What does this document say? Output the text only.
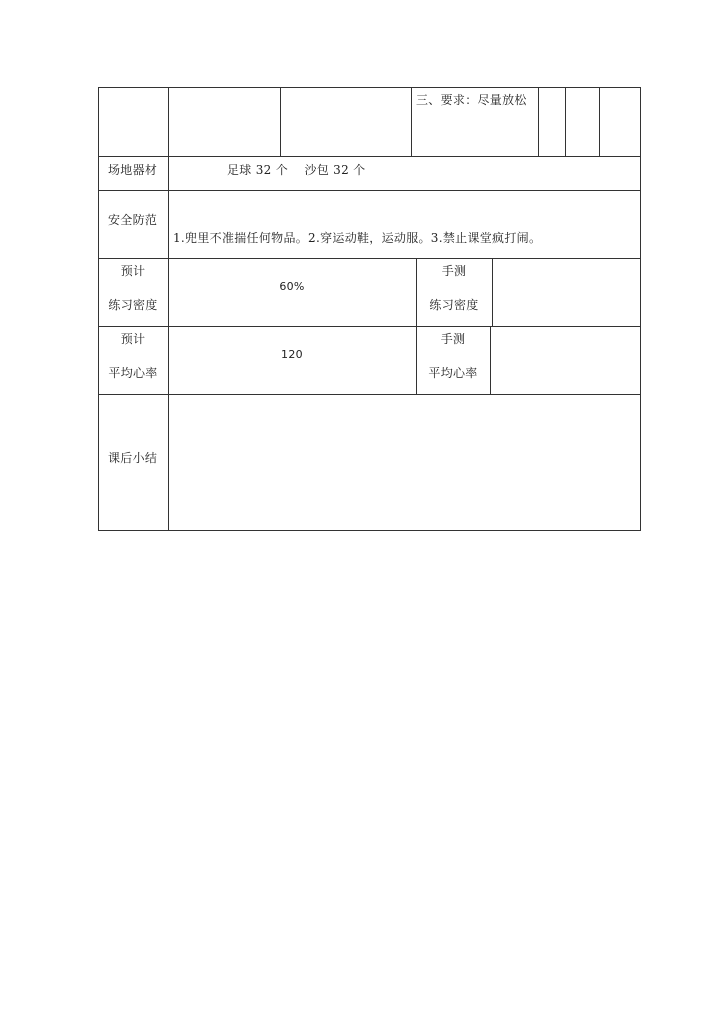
三、要求：尽量放松
场地器材	足球 32 个    沙包 32 个
安全防范
1.兜里不准揣任何物品。2.穿运动鞋，运动服。3.禁止课堂疯打闹。
预计
练习密度
60%
手测
练习密度
预计
平均心率
120
手测
平均心率
课后小结
